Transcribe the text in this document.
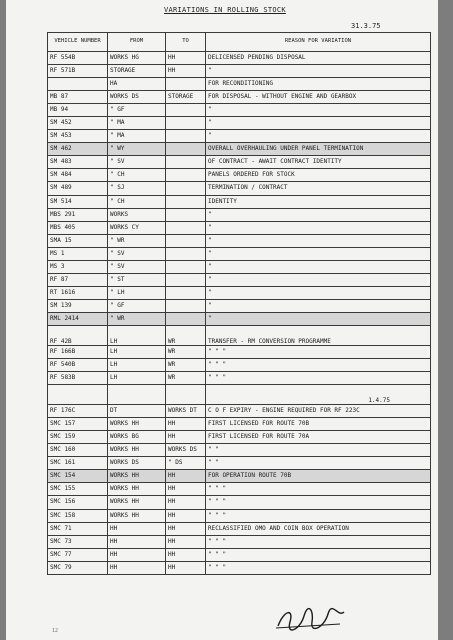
VARIATIONS IN ROLLING STOCK
31.3.75
VEHICLE NUMBER	FROM	TO	REASON FOR VARIATION
RF 554B	WORKS HG	HH	DELICENSED PENDING DISPOSAL
RF 571B	STORAGE	HH	"
	HA		FOR RECONDITIONING
MB 87	WORKS DS	STORAGE	FOR DISPOSAL - WITHOUT ENGINE AND GEARBOX
MB 94	" GF		"
SM 452	" MA		"
SM 453	" MA		"
SM 462	" WY		OVERALL OVERHAULING UNDER PANEL TERMINATION
SM 483	" SV		OF CONTRACT - AWAIT CONTRACT IDENTITY
SM 484	" CH		PANELS ORDERED FOR STOCK
SM 489	" SJ		TERMINATION / CONTRACT
SM 514	" CH		IDENTITY
MBS 291	WORKS		"
MBS 405	WORKS CY		"
SMA 15	" WR		"
MS 1	" SV		"
MS 3	" SV		"
RF 87	" ST		"
RT 1616	" LH		"
SM 139	" GF		"
RML 2414	" WR		"
RF 42B	LH	WR	TRANSFER - RM CONVERSION PROGRAMME
RF 166B	LH	WR	" " "
RF 540B	LH	WR	" " "
RF 583B	LH	WR	" " "
			1.4.75
RF 176C	DT	WORKS DT	C O F EXPIRY - ENGINE REQUIRED FOR RF 223C
SMC 157	WORKS HH	HH	FIRST LICENSED FOR ROUTE 70B
SMC 159	WORKS BG	HH	FIRST LICENSED FOR ROUTE 70A
SMC 160	WORKS HH	WORKS DS	" "
SMC 161	WORKS DS	" DS	" "
SMC 154	WORKS HH	HH	FOR OPERATION ROUTE 70B
SMC 155	WORKS HH	HH	" " "
SMC 156	WORKS HH	HH	" " "
SMC 158	WORKS HH	HH	" " "
SMC 71	HH	HH	RECLASSIFIED OMO AND COIN BOX OPERATION
SMC 73	HH	HH	" " "
SMC 77	HH	HH	" " "
SMC 79	HH	HH	" " "
12
